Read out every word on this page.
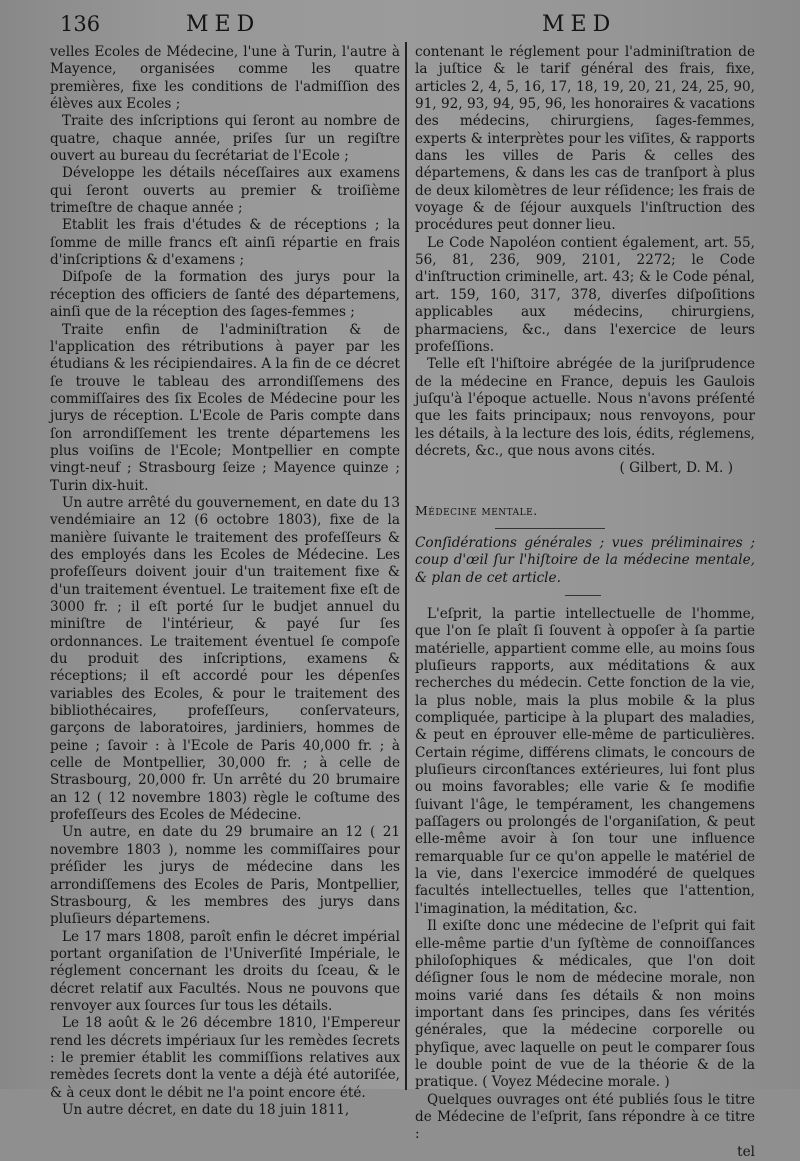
136	MED	MED

velles Ecoles de Médecine, l'une à Turin, l'autre à Mayence, organisées comme les quatre premières, fixe les conditions de l'admiſſion des élèves aux Ecoles ;

Traite des inſcriptions qui ſeront au nombre de quatre, chaque année, priſes ſur un regiſtre ouvert au bureau du ſecrétariat de l'Ecole ;

Développe les détails néceſſaires aux examens qui ſeront ouverts au premier & troiſième trimeſtre de chaque année ;

Etablit les frais d'études & de réceptions ; la ſomme de mille francs eſt ainſi répartie en frais d'inſcriptions & d'examens ;

Diſpoſe de la formation des jurys pour la réception des officiers de ſanté des départemens, ainſi que de la réception des ſages-femmes ;

Traite enfin de l'adminiſtration & de l'application des rétributions à payer par les étudians & les récipiendaires. A la fin de ce décret ſe trouve le tableau des arrondiſſemens des commiſſaires des ſix Ecoles de Médecine pour les jurys de réception. L'Ecole de Paris compte dans ſon arrondiſſement les trente départemens les plus voiſins de l'Ecole; Montpellier en compte vingt-neuf ; Strasbourg ſeize ; Mayence quinze ; Turin dix-huit.

Un autre arrêté du gouvernement, en date du 13 vendémiaire an 12 (6 octobre 1803), fixe de la manière ſuivante le traitement des profeſſeurs & des employés dans les Ecoles de Médecine. Les profeſſeurs doivent jouir d'un traitement fixe & d'un traitement éventuel. Le traitement fixe eſt de 3000 fr. ; il eſt porté ſur le budjet annuel du miniſtre de l'intérieur, & payé ſur ſes ordonnances. Le traitement éventuel ſe compoſe du produit des inſcriptions, examens & réceptions; il eſt accordé pour les dépenſes variables des Ecoles, & pour le traitement des bibliothécaires, profeſſeurs, conſervateurs, garçons de laboratoires, jardiniers, hommes de peine ; ſavoir : à l'Ecole de Paris 40,000 fr. ; à celle de Montpellier, 30,000 fr. ; à celle de Strasbourg, 20,000 fr. Un arrêté du 20 brumaire an 12 ( 12 novembre 1803) règle le coſtume des profeſſeurs des Ecoles de Médecine.

Un autre, en date du 29 brumaire an 12 ( 21 novembre 1803 ), nomme les commiſſaires pour préſider les jurys de médecine dans les arrondiſſemens des Ecoles de Paris, Montpellier, Strasbourg, & les membres des jurys dans pluſieurs départemens.

Le 17 mars 1808, paroît enfin le décret impérial portant organiſation de l'Univerſité Impériale, le réglement concernant les droits du ſceau, & le décret relatif aux Facultés. Nous ne pouvons que renvoyer aux ſources ſur tous les détails.

Le 18 août & le 26 décembre 1810, l'Empereur rend les décrets impériaux ſur les remèdes ſecrets : le premier établit les commiſſions relatives aux remèdes ſecrets dont la vente a déjà été autoriſée, & à ceux dont le débit ne l'a point encore été.

Un autre décret, en date du 18 juin 1811,

contenant le réglement pour l'adminiſtration de la juſtice & le tarif général des frais, fixe, articles 2, 4, 5, 16, 17, 18, 19, 20, 21, 24, 25, 90, 91, 92, 93, 94, 95, 96, les honoraires & vacations des médecins, chirurgiens, ſages-femmes, experts & interprètes pour les viſites, & rapports dans les villes de Paris & celles des départemens, & dans les cas de tranſport à plus de deux kilomètres de leur réſidence; les frais de voyage & de ſéjour auxquels l'inſtruction des procédures peut donner lieu.

Le Code Napoléon contient également, art. 55, 56, 81, 236, 909, 2101, 2272; le Code d'inſtruction criminelle, art. 43; & le Code pénal, art. 159, 160, 317, 378, diverſes diſpoſitions applicables aux médecins, chirurgiens, pharmaciens, &c., dans l'exercice de leurs profeſſions.

Telle eſt l'hiſtoire abrégée de la juriſprudence de la médecine en France, depuis les Gaulois juſqu'à l'époque actuelle. Nous n'avons préſenté que les faits principaux; nous renvoyons, pour les détails, à la lecture des lois, édits, réglemens, décrets, &c., que nous avons cités.

( Gilbert, D. M. )

Médecine mentale.

Conſidérations générales ; vues préliminaires ; coup d'œil ſur l'hiſtoire de la médecine mentale, & plan de cet article.

L'eſprit, la partie intellectuelle de l'homme, que l'on ſe plaît ſi ſouvent à oppoſer à ſa partie matérielle, appartient comme elle, au moins ſous pluſieurs rapports, aux méditations & aux recherches du médecin. Cette fonction de la vie, la plus noble, mais la plus mobile & la plus compliquée, participe à la plupart des maladies, & peut en éprouver elle-même de particulières. Certain régime, différens climats, le concours de pluſieurs circonſtances extérieures, lui font plus ou moins favorables; elle varie & ſe modifie ſuivant l'âge, le tempérament, les changemens paſſagers ou prolongés de l'organiſation, & peut elle-même avoir à ſon tour une influence remarquable ſur ce qu'on appelle le matériel de la vie, dans l'exercice immodéré de quelques facultés intellectuelles, telles que l'attention, l'imagination, la méditation, &c.

Il exiſte donc une médecine de l'eſprit qui fait elle-même partie d'un ſyſtème de connoiſſances philoſophiques & médicales, que l'on doit déſigner ſous le nom de médecine morale, non moins varié dans ſes détails & non moins important dans ſes principes, dans ſes vérités générales, que la médecine corporelle ou phyſique, avec laquelle on peut le comparer ſous le double point de vue de la théorie & de la pratique. ( Voyez Médecine morale. )

Quelques ouvrages ont été publiés ſous le titre de Médecine de l'eſprit, ſans répondre à ce titre :

tel
